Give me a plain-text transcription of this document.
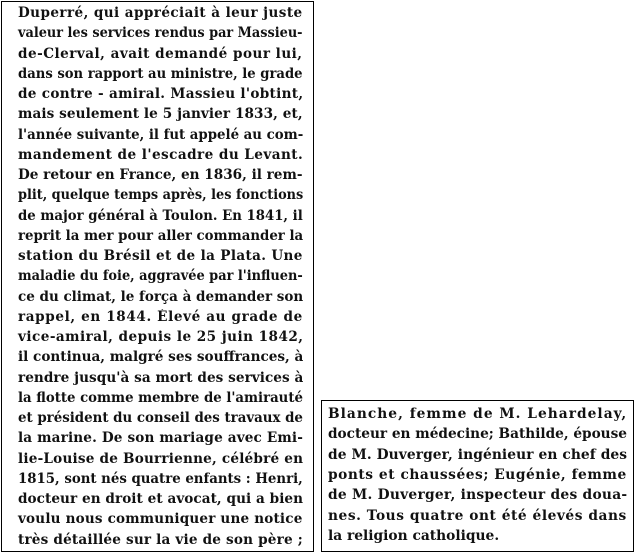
Duperré, qui appréciait à leur juste
valeur les services rendus par Massieu-
de-Clerval, avait demandé pour lui,
dans son rapport au ministre, le grade
de contre - amiral. Massieu l'obtint,
mais seulement le 5 janvier 1833, et,
l'année suivante, il fut appelé au com-
mandement de l'escadre du Levant.
De retour en France, en 1836, il rem-
plit, quelque temps après, les fonctions
de major général à Toulon. En 1841, il
reprit la mer pour aller commander la
station du Brésil et de la Plata. Une
maladie du foie, aggravée par l'influen-
ce du climat, le força à demander son
rappel, en 1844. Élevé au grade de
vice-amiral, depuis le 25 juin 1842,
il continua, malgré ses souffrances, à
rendre jusqu'à sa mort des services à
la flotte comme membre de l'amirauté
et président du conseil des travaux de
la marine. De son mariage avec Emi-
lie-Louise de Bourrienne, célébré en
1815, sont nés quatre enfants : Henri,
docteur en droit et avocat, qui a bien
voulu nous communiquer une notice
très détaillée sur la vie de son père ;
Blanche, femme de M. Lehardelay,
docteur en médecine; Bathilde, épouse
de M. Duverger, ingénieur en chef des
ponts et chaussées; Eugénie, femme
de M. Duverger, inspecteur des doua-
nes. Tous quatre ont été élevés dans
la religion catholique.
